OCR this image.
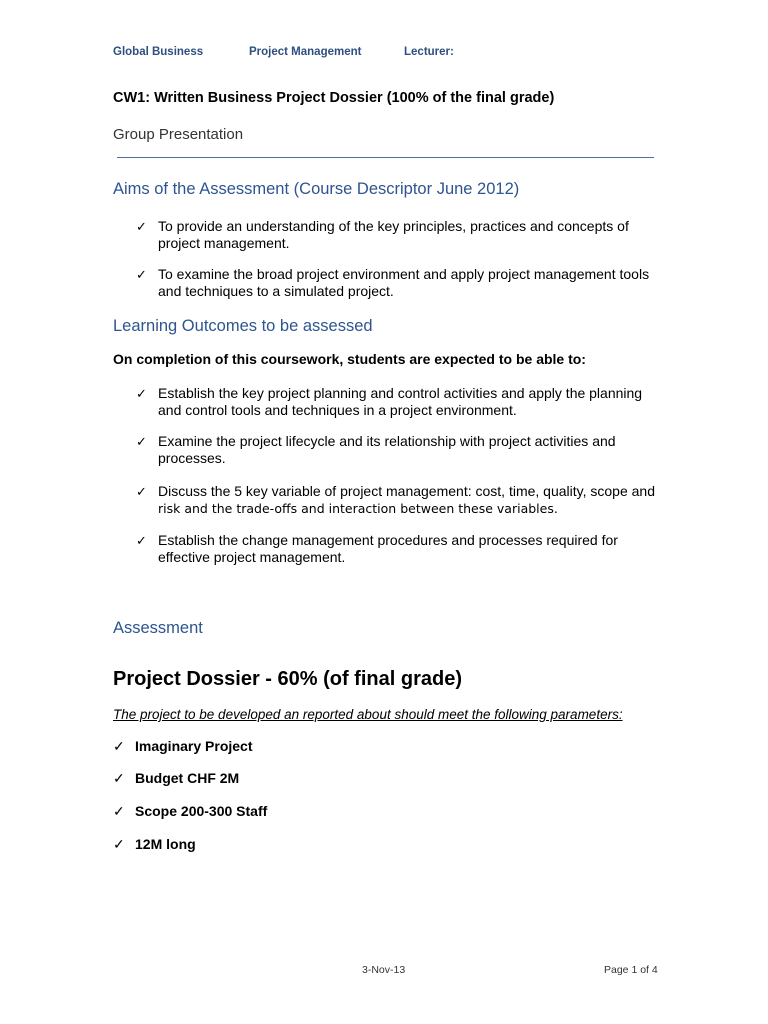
Global Business	Project Management	Lecturer:
CW1: Written Business Project Dossier (100% of the final grade)
Group Presentation
Aims of the Assessment (Course Descriptor June 2012)
✓ To provide an understanding of the key principles, practices and concepts of
project management.
✓ To examine the broad project environment and apply project management tools
and techniques to a simulated project.
Learning Outcomes to be assessed
On completion of this coursework, students are expected to be able to:
✓ Establish the key project planning and control activities and apply the planning
and control tools and techniques in a project environment.
✓ Examine the project lifecycle and its relationship with project activities and
processes.
✓ Discuss the 5 key variable of project management: cost, time, quality, scope and
risk and the trade-offs and interaction between these variables.
✓ Establish the change management procedures and processes required for
effective project management.
Assessment
Project Dossier - 60% (of final grade)
The project to be developed an reported about should meet the following parameters:
✓ Imaginary Project
✓ Budget CHF 2M
✓ Scope 200-300 Staff
✓ 12M long
3-Nov-13	Page 1 of 4
